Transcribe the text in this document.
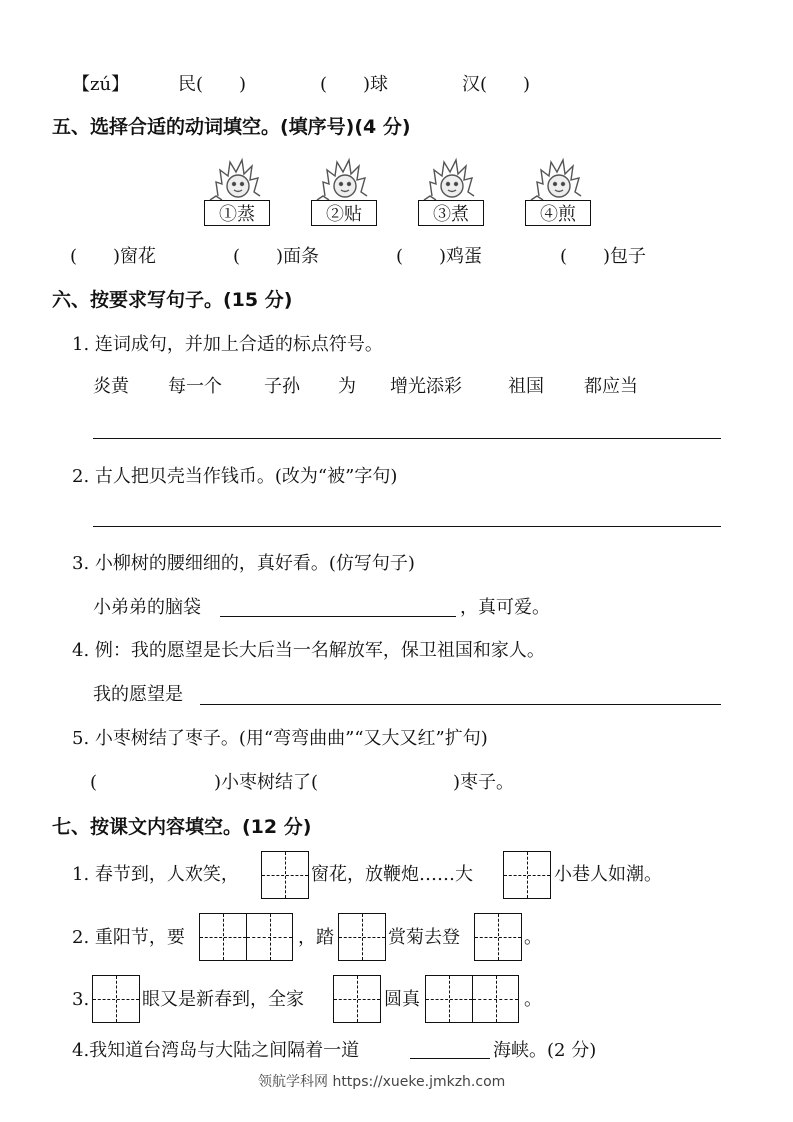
【zú】	民(　　)	(　　)球	汉(　　)
五、选择合适的动词填空。(填序号)(4 分)
①蒸	②贴	③煮	④煎
(　　)窗花	(　　)面条	(　　)鸡蛋	(　　)包子
六、按要求写句子。(15 分)
1. 连词成句，并加上合适的标点符号。
炎黄 每一个 子孙 为 增光添彩	祖国 都应当
2. 古人把贝壳当作钱币。(改为“被”字句)
3. 小柳树的腰细细的，真好看。(仿写句子)
小弟弟的脑袋	，真可爱。
4. 例：我的愿望是长大后当一名解放军，保卫祖国和家人。
我的愿望是
5. 小枣树结了枣子。(用“弯弯曲曲”“又大又红”扩句)
(	)小枣树结了(	)枣子。
七、按课文内容填空。(12 分)
1. 春节到，人欢笑，	窗花，放鞭炮……大	小巷人如潮。
2. 重阳节，要	，踏	赏菊去登	。
3.	眼又是新春到，全家	圆真	。
4.我知道台湾岛与大陆之间隔着一道	海峡。(2 分)
领航学科网 https://xueke.jmkzh.com
